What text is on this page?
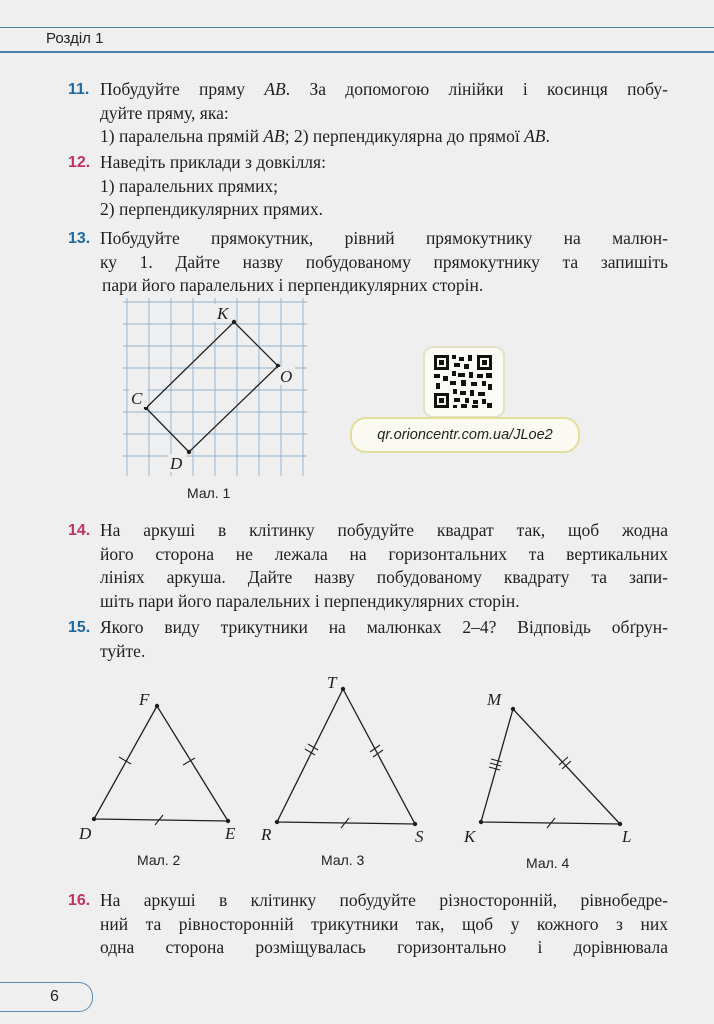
Розділ 1
11. Побудуйте пряму AB. За допомогою лінійки і косинця побу-
дуйте пряму, яка:
1) паралельна прямій AB; 2) перпендикулярна до прямої AB.
12. Наведіть приклади з довкілля:
1) паралельних прямих;
2) перпендикулярних прямих.
13. Побудуйте прямокутник, рівний прямокутнику на малюн-
ку 1. Дайте назву побудованому прямокутнику та запишіть
пари його паралельних і перпендикулярних сторін.
K
O
C
D
Мал. 1
qr.orioncentr.com.ua/JLoe2
14. На аркуші в клітинку побудуйте квадрат так, щоб жодна
його сторона не лежала на горизонтальних та вертикальних
лініях аркуша. Дайте назву побудованому квадрату та запи-
шіть пари його паралельних і перпендикулярних сторін.
15. Якого виду трикутники на малюнках 2–4? Відповідь обґрун-
туйте.
F
D	E
Мал. 2
T
R	S
Мал. 3
M
K	L
Мал. 4
16. На аркуші в клітинку побудуйте різносторонній, рівнобедре-
ний та рівносторонній трикутники так, щоб у кожного з них
одна сторона розміщувалась горизонтально і дорівнювала
6
